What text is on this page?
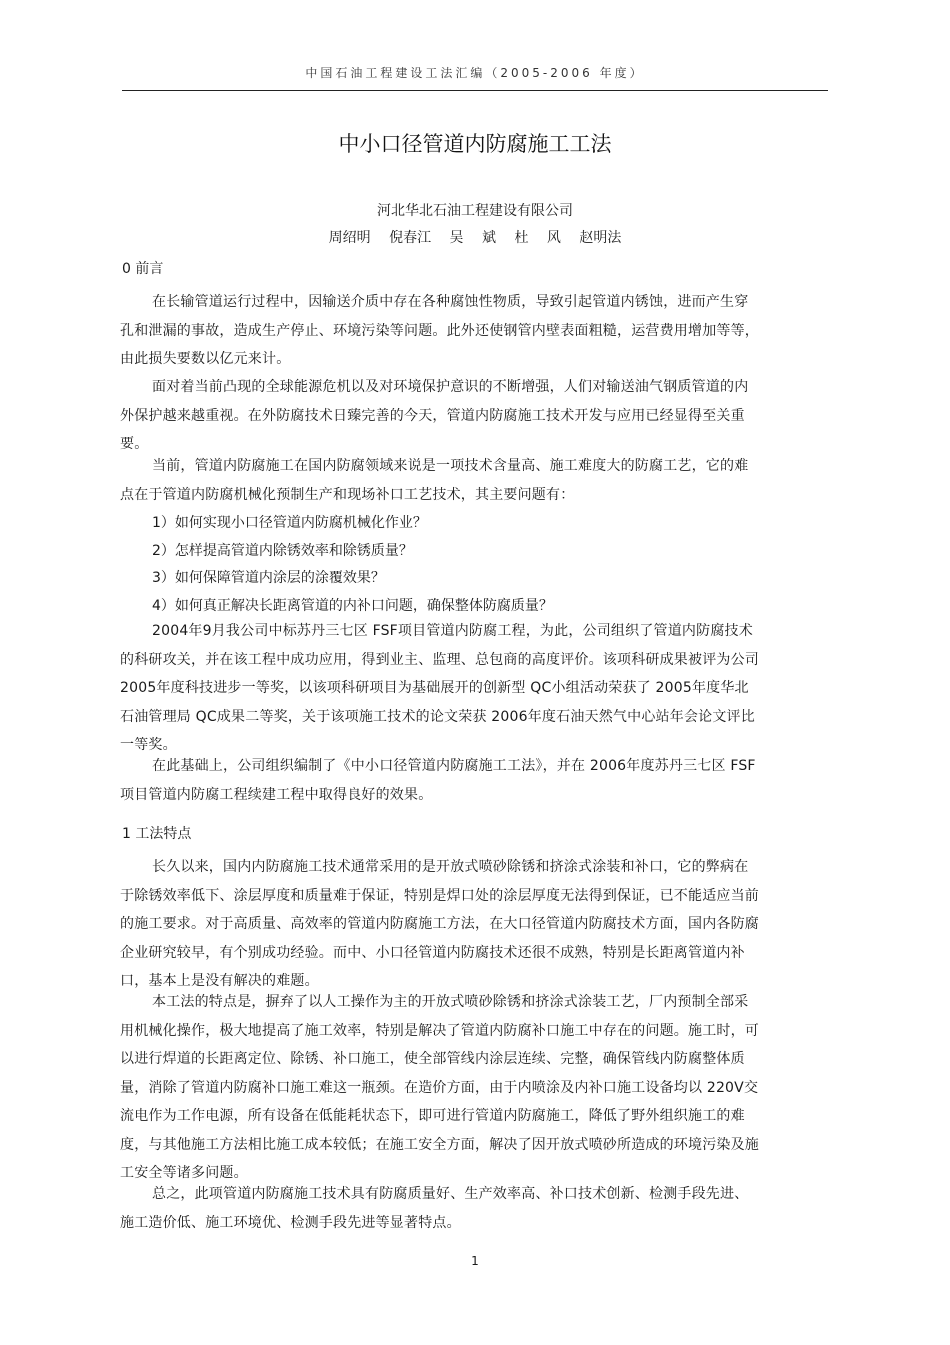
中国石油工程建设工法汇编（2005-2006 年度）
中小口径管道内防腐施工工法
河北华北石油工程建设有限公司
周绍明 倪春江 吴 斌 杜 风 赵明法
0 前言
在长输管道运行过程中，因输送介质中存在各种腐蚀性物质，导致引起管道内锈蚀，进而产生穿孔和泄漏的事故，造成生产停止、环境污染等问题。此外还使钢管内壁表面粗糙，运营费用增加等等，由此损失要数以亿元来计。
面对着当前凸现的全球能源危机以及对环境保护意识的不断增强，人们对输送油气钢质管道的内外保护越来越重视。在外防腐技术日臻完善的今天，管道内防腐施工技术开发与应用已经显得至关重要。
当前，管道内防腐施工在国内防腐领域来说是一项技术含量高、施工难度大的防腐工艺，它的难点在于管道内防腐机械化预制生产和现场补口工艺技术，其主要问题有：
1）如何实现小口径管道内防腐机械化作业？
2）怎样提高管道内除锈效率和除锈质量？
3）如何保障管道内涂层的涂覆效果？
4）如何真正解决长距离管道的内补口问题，确保整体防腐质量？
2004年9月我公司中标苏丹三七区 FSF项目管道内防腐工程，为此，公司组织了管道内防腐技术的科研攻关，并在该工程中成功应用，得到业主、监理、总包商的高度评价。该项科研成果被评为公司 2005年度科技进步一等奖，以该项科研项目为基础展开的创新型 QC小组活动荣获了 2005年度华北石油管理局 QC成果二等奖，关于该项施工技术的论文荣获 2006年度石油天然气中心站年会论文评比一等奖。
在此基础上，公司组织编制了《中小口径管道内防腐施工工法》，并在 2006年度苏丹三七区 FSF项目管道内防腐工程续建工程中取得良好的效果。
1 工法特点
长久以来，国内内防腐施工技术通常采用的是开放式喷砂除锈和挤涂式涂装和补口，它的弊病在于除锈效率低下、涂层厚度和质量难于保证，特别是焊口处的涂层厚度无法得到保证，已不能适应当前的施工要求。对于高质量、高效率的管道内防腐施工方法，在大口径管道内防腐技术方面，国内各防腐企业研究较早，有个别成功经验。而中、小口径管道内防腐技术还很不成熟，特别是长距离管道内补口，基本上是没有解决的难题。
本工法的特点是，摒弃了以人工操作为主的开放式喷砂除锈和挤涂式涂装工艺，厂内预制全部采用机械化操作，极大地提高了施工效率，特别是解决了管道内防腐补口施工中存在的问题。施工时，可以进行焊道的长距离定位、除锈、补口施工，使全部管线内涂层连续、完整，确保管线内防腐整体质量，消除了管道内防腐补口施工难这一瓶颈。在造价方面，由于内喷涂及内补口施工设备均以 220V交流电作为工作电源，所有设备在低能耗状态下，即可进行管道内防腐施工，降低了野外组织施工的难度，与其他施工方法相比施工成本较低；在施工安全方面，解决了因开放式喷砂所造成的环境污染及施工安全等诸多问题。
总之，此项管道内防腐施工技术具有防腐质量好、生产效率高、补口技术创新、检测手段先进、施工造价低、施工环境优、检测手段先进等显著特点。
1
